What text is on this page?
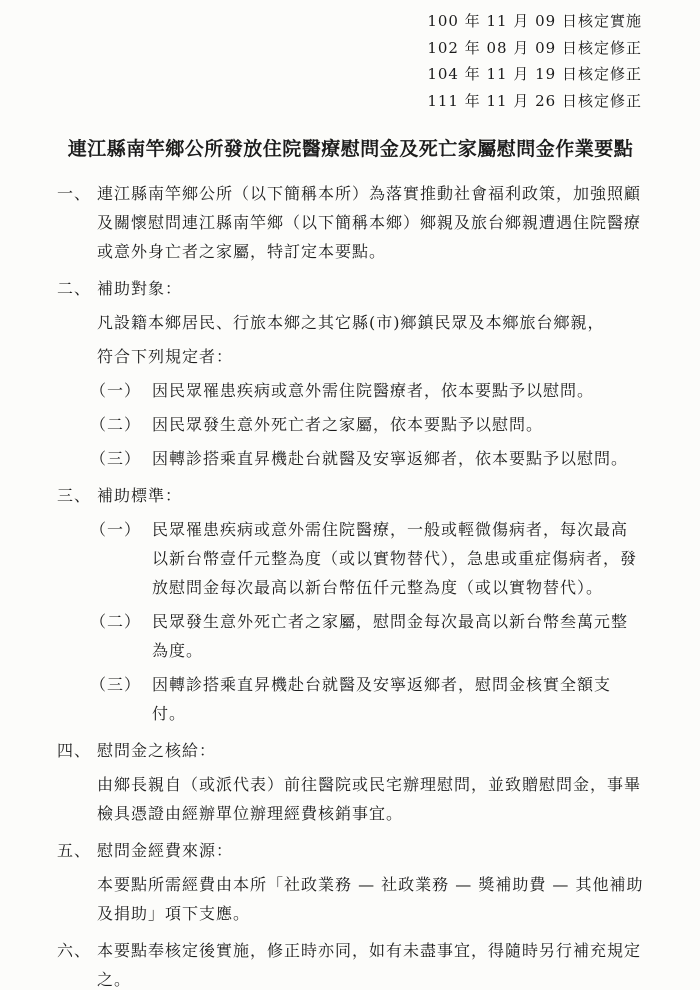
100 年 11 月 09 日核定實施
102 年 08 月 09 日核定修正
104 年 11 月 19 日核定修正
111 年 11 月 26 日核定修正
連江縣南竿鄉公所發放住院醫療慰問金及死亡家屬慰問金作業要點
一、 連江縣南竿鄉公所（以下簡稱本所）為落實推動社會福利政策，加強照顧及關懷慰問連江縣南竿鄉（以下簡稱本鄉）鄉親及旅台鄉親遭遇住院醫療或意外身亡者之家屬，特訂定本要點。
二、 補助對象：
凡設籍本鄉居民、行旅本鄉之其它縣(市)鄉鎮民眾及本鄉旅台鄉親，
符合下列規定者：
（一） 因民眾罹患疾病或意外需住院醫療者，依本要點予以慰問。
（二） 因民眾發生意外死亡者之家屬，依本要點予以慰問。
（三） 因轉診搭乘直昇機赴台就醫及安寧返鄉者，依本要點予以慰問。
三、 補助標準：
（一） 民眾罹患疾病或意外需住院醫療，一般或輕微傷病者，每次最高以新台幣壹仟元整為度（或以實物替代），急患或重症傷病者，發放慰問金每次最高以新台幣伍仟元整為度（或以實物替代）。
（二） 民眾發生意外死亡者之家屬，慰問金每次最高以新台幣叁萬元整為度。
（三） 因轉診搭乘直昇機赴台就醫及安寧返鄉者，慰問金核實全額支付。
四、 慰問金之核給：
由鄉長親自（或派代表）前往醫院或民宅辦理慰問，並致贈慰問金，事畢檢具憑證由經辦單位辦理經費核銷事宜。
五、 慰問金經費來源：
本要點所需經費由本所「社政業務 — 社政業務 — 獎補助費 — 其他補助及捐助」項下支應。
六、 本要點奉核定後實施，修正時亦同，如有未盡事宜，得隨時另行補充規定之。
